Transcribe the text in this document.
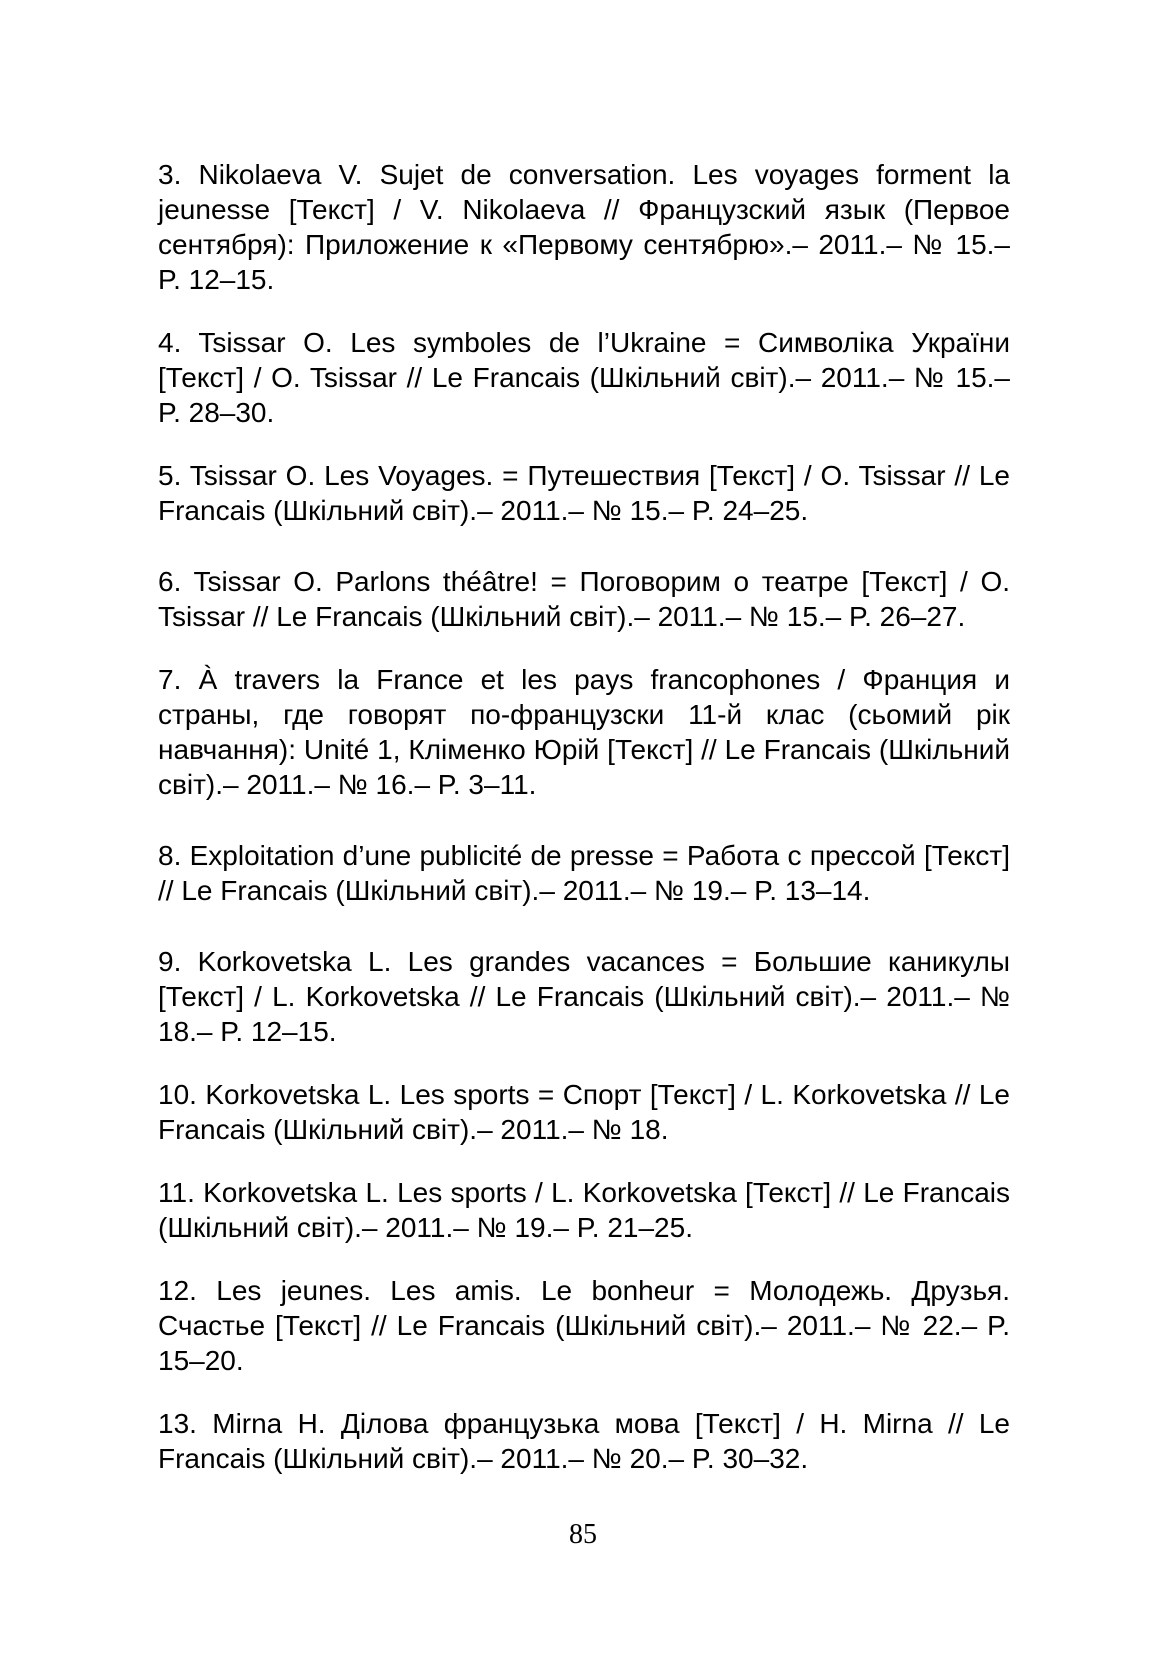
3. Nikolaeva V. Sujet de conversation. Les voyages forment la jeunesse [Текст] / V. Nikolaeva // Французский язык (Первое сентября): Приложение к «Первому сентябрю».– 2011.– № 15.– P. 12–15.
4. Tsissar O. Les symboles de l’Ukraine = Символіка України [Текст] / O. Tsissar // Le Francais (Шкільний світ).– 2011.– № 15.– P. 28–30.
5. Tsissar O. Les Voyages. = Путешествия [Текст] / O. Tsissar // Le Francais (Шкільний світ).– 2011.– № 15.– P. 24–25.
6. Tsissar O. Parlons théâtre! = Поговорим о театре [Текст] / O. Tsissar // Le Francais (Шкільний світ).– 2011.– № 15.– P. 26–27.
7. À travers la France et les pays francophones / Франция и страны, где говорят по-французски 11-й клас (сьомий рік навчання): Unité 1, Кліменко Юрій [Текст] // Le Francais (Шкільний світ).– 2011.– № 16.– P. 3–11.
8. Exploitation d’une publicité de presse = Работа с прессой [Текст] // Le Francais (Шкільний світ).– 2011.– № 19.– P. 13–14.
9. Korkovetska L. Les grandes vacances = Большие каникулы [Текст] / L. Korkovetska // Le Francais (Шкільний світ).– 2011.– № 18.– P. 12–15.
10. Korkovetska L. Les sports = Спорт [Текст] / L. Korkovetska // Le Francais (Шкільний світ).– 2011.– № 18.
11. Korkovetska L. Les sports / L. Korkovetska [Текст] // Le Francais (Шкільний світ).– 2011.– № 19.– P. 21–25.
12. Les jeunes. Les amis. Le bonheur = Молодежь. Друзья. Счастье [Текст] // Le Francais (Шкільний світ).– 2011.– № 22.– P. 15–20.
13. Mirna H. Ділова французька мова [Текст] / H. Mirna // Le Francais (Шкільний світ).– 2011.– № 20.– P. 30–32.
85
